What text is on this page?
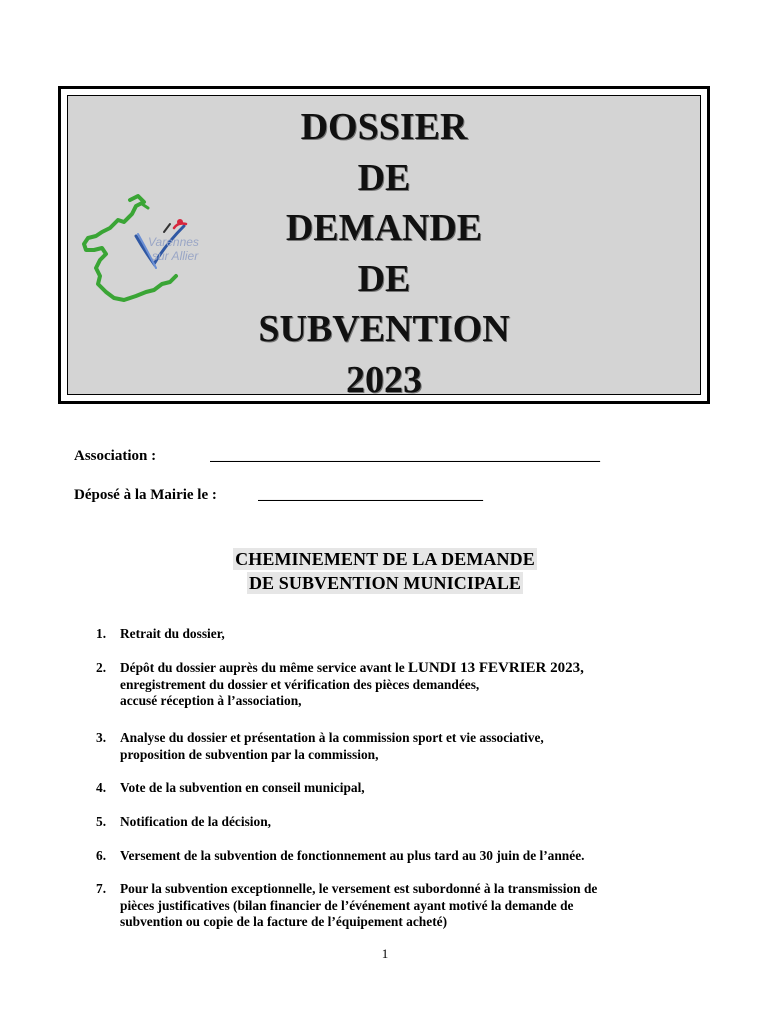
Varennes
sur Allier
DOSSIER
DE
DEMANDE
DE
SUBVENTION
2023
Association :	____________________________________________________
Déposé à la Mairie le :	______________________________
CHEMINEMENT DE LA DEMANDE
DE SUBVENTION MUNICIPALE
1. Retrait du dossier,
2. Dépôt du dossier auprès du même service avant le LUNDI 13 FEVRIER 2023,
enregistrement du dossier et vérification des pièces demandées,
accusé réception à l’association,
3. Analyse du dossier et présentation à la commission sport et vie associative,
proposition de subvention par la commission,
4. Vote de la subvention en conseil municipal,
5. Notification de la décision,
6. Versement de la subvention de fonctionnement au plus tard au 30 juin de l’année.
7. Pour la subvention exceptionnelle, le versement est subordonné à la transmission de
pièces justificatives (bilan financier de l’événement ayant motivé la demande de
subvention ou copie de la facture de l’équipement acheté)
1
